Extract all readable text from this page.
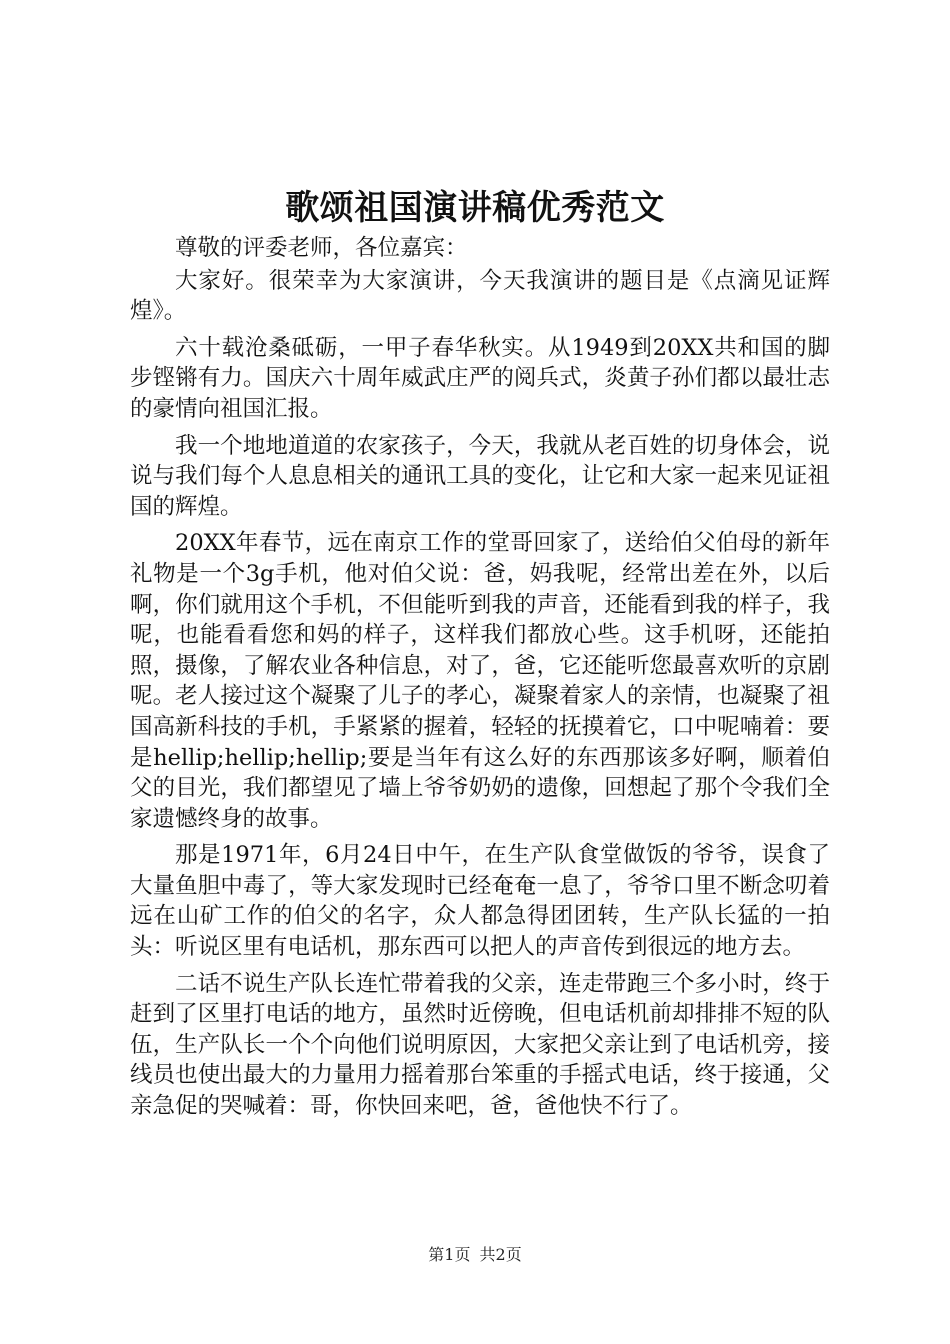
歌颂祖国演讲稿优秀范文

尊敬的评委老师，各位嘉宾：

大家好。很荣幸为大家演讲，今天我演讲的题目是《点滴见证辉煌》。

六十载沧桑砥砺，一甲子春华秋实。从1949到20XX共和国的脚步铿锵有力。国庆六十周年威武庄严的阅兵式，炎黄子孙们都以最壮志的豪情向祖国汇报。

我一个地地道道的农家孩子，今天，我就从老百姓的切身体会，说说与我们每个人息息相关的通讯工具的变化，让它和大家一起来见证祖国的辉煌。

20XX年春节，远在南京工作的堂哥回家了，送给伯父伯母的新年礼物是一个3g手机，他对伯父说：爸，妈我呢，经常出差在外，以后啊，你们就用这个手机，不但能听到我的声音，还能看到我的样子，我呢，也能看看您和妈的样子，这样我们都放心些。这手机呀，还能拍照，摄像，了解农业各种信息，对了，爸，它还能听您最喜欢听的京剧呢。老人接过这个凝聚了儿子的孝心，凝聚着家人的亲情，也凝聚了祖国高新科技的手机，手紧紧的握着，轻轻的抚摸着它，口中呢喃着：要是hellip;hellip;hellip;要是当年有这么好的东西那该多好啊，顺着伯父的目光，我们都望见了墙上爷爷奶奶的遗像，回想起了那个令我们全家遗憾终身的故事。

那是1971年，6月24日中午，在生产队食堂做饭的爷爷，误食了大量鱼胆中毒了，等大家发现时已经奄奄一息了，爷爷口里不断念叨着远在山矿工作的伯父的名字，众人都急得团团转，生产队长猛的一拍头：听说区里有电话机，那东西可以把人的声音传到很远的地方去。

二话不说生产队长连忙带着我的父亲，连走带跑三个多小时，终于赶到了区里打电话的地方，虽然时近傍晚，但电话机前却排排不短的队伍，生产队长一个个向他们说明原因，大家把父亲让到了电话机旁，接线员也使出最大的力量用力摇着那台笨重的手摇式电话，终于接通，父亲急促的哭喊着：哥，你快回来吧，爸，爸他快不行了。

第1页 共2页
